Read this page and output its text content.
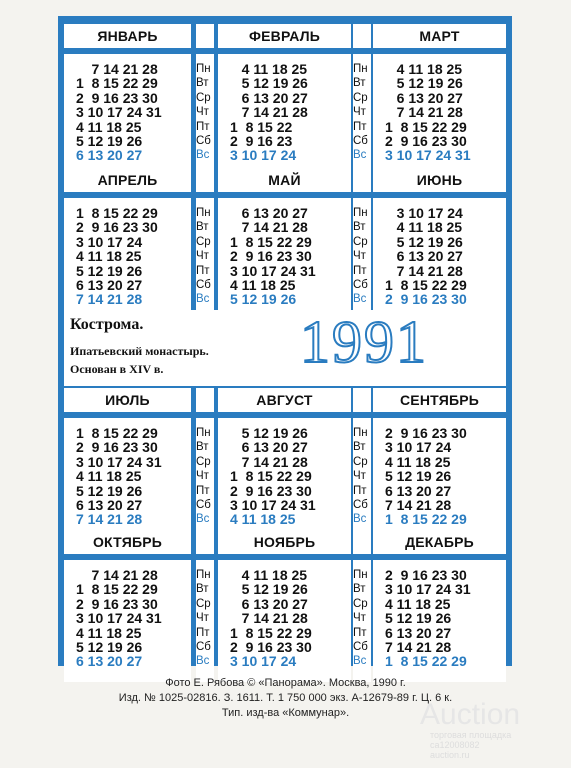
Пн
Вт
Ср
Чт
Пт
Сб
Вс
Пн
Вт
Ср
Чт
Пт
Сб
Вс
ЯНВАРЬ
7 14 21 28
1  8 15 22 29
2  9 16 23 30
3 10 17 24 31
4 11 18 25
5 12 19 26
6 13 20 27
ФЕВРАЛЬ
4 11 18 25
5 12 19 26
6 13 20 27
7 14 21 28
1  8 15 22
2  9 16 23
3 10 17 24
МАРТ
4 11 18 25
5 12 19 26
6 13 20 27
7 14 21 28
1  8 15 22 29
2  9 16 23 30
3 10 17 24 31
Пн
Вт
Ср
Чт
Пт
Сб
Вс
Пн
Вт
Ср
Чт
Пт
Сб
Вс
АПРЕЛЬ
1  8 15 22 29
2  9 16 23 30
3 10 17 24
4 11 18 25
5 12 19 26
6 13 20 27
7 14 21 28
МАЙ
6 13 20 27
7 14 21 28
1  8 15 22 29
2  9 16 23 30
3 10 17 24 31
4 11 18 25
5 12 19 26
ИЮНЬ
3 10 17 24
4 11 18 25
5 12 19 26
6 13 20 27
7 14 21 28
1  8 15 22 29
2  9 16 23 30
Пн
Вт
Ср
Чт
Пт
Сб
Вс
Пн
Вт
Ср
Чт
Пт
Сб
Вс
ИЮЛЬ
1  8 15 22 29
2  9 16 23 30
3 10 17 24 31
4 11 18 25
5 12 19 26
6 13 20 27
7 14 21 28
АВГУСТ
5 12 19 26
6 13 20 27
7 14 21 28
1  8 15 22 29
2  9 16 23 30
3 10 17 24 31
4 11 18 25
СЕНТЯБРЬ
2  9 16 23 30
3 10 17 24
4 11 18 25
5 12 19 26
6 13 20 27
7 14 21 28
1  8 15 22 29
Пн
Вт
Ср
Чт
Пт
Сб
Вс
Пн
Вт
Ср
Чт
Пт
Сб
Вс
ОКТЯБРЬ
7 14 21 28
1  8 15 22 29
2  9 16 23 30
3 10 17 24 31
4 11 18 25
5 12 19 26
6 13 20 27
НОЯБРЬ
4 11 18 25
5 12 19 26
6 13 20 27
7 14 21 28
1  8 15 22 29
2  9 16 23 30
3 10 17 24
ДЕКАБРЬ
2  9 16 23 30
3 10 17 24 31
4 11 18 25
5 12 19 26
6 13 20 27
7 14 21 28
1  8 15 22 29
Кострома.
Ипатьевский монастырь.
Основан в XIV в. 1991
Фото Е. Рябова © «Панорама». Москва, 1990 г.
Изд. № 1025-02816. З. 1611. Т. 1 750 000 экз. А-12679-89 г. Ц. 6 к.
Тип. изд-ва «Коммунар».	Auction
торговая площадка
ca12008082
auction.ru
